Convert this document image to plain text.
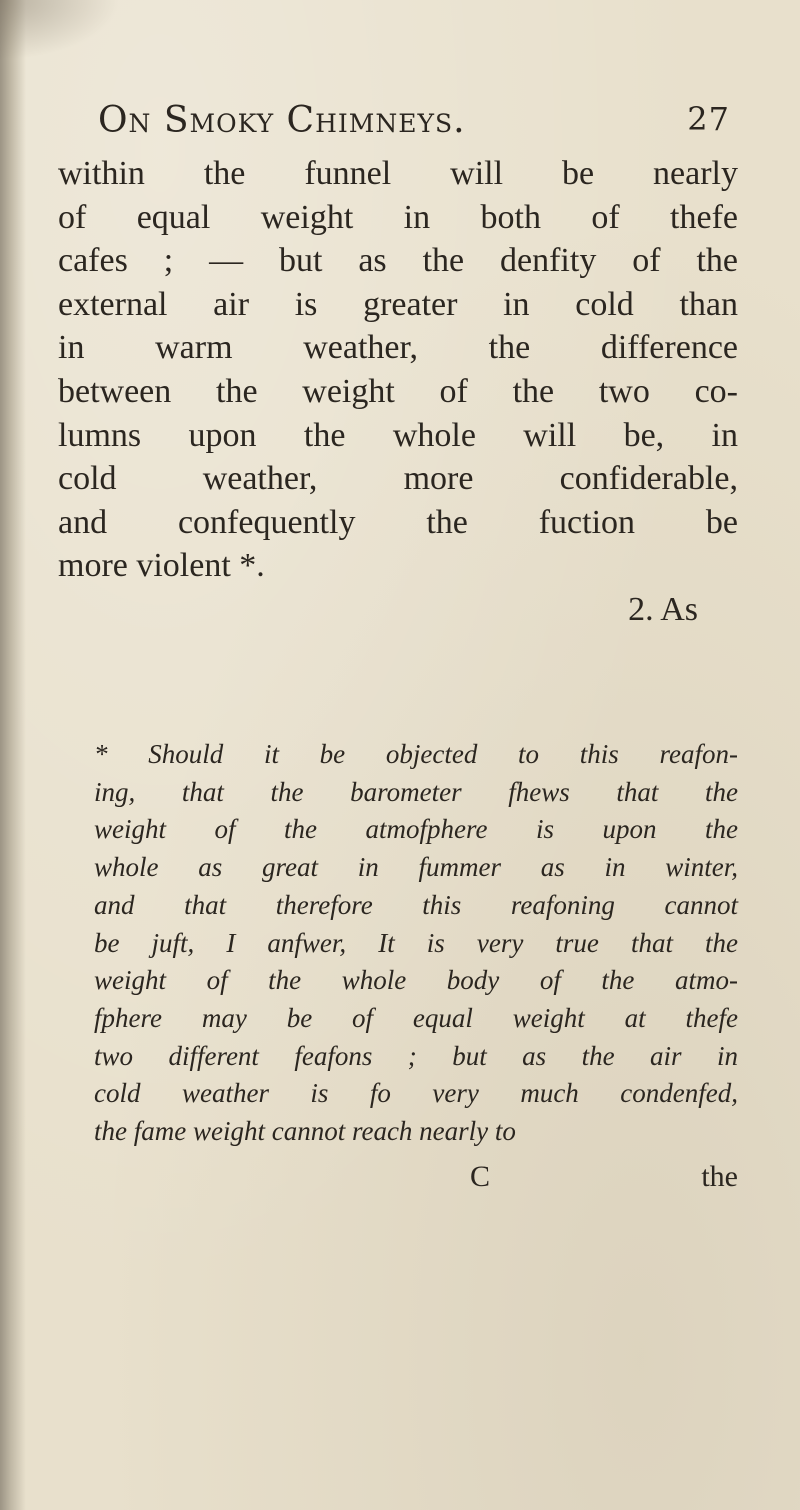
On Smoky Chimneys.	27
within the funnel will be nearly
of equal weight in both of thefe
cafes ; — but as the denfity of the
external air is greater in cold than
in warm weather, the difference
between the weight of the two co-
lumns upon the whole will be, in
cold weather, more confiderable,
and confequently the fuction be
more violent *.
2. As
* Should it be objected to this reafon-
ing, that the barometer fhews that the
weight of the atmofphere is upon the
whole as great in fummer as in winter,
and that therefore this reafoning cannot
be juft, I anfwer, It is very true that the
weight of the whole body of the atmo-
fphere may be of equal weight at thefe
two different feafons ; but as the air in
cold weather is fo very much condenfed,
the fame weight cannot reach nearly to
C	the
